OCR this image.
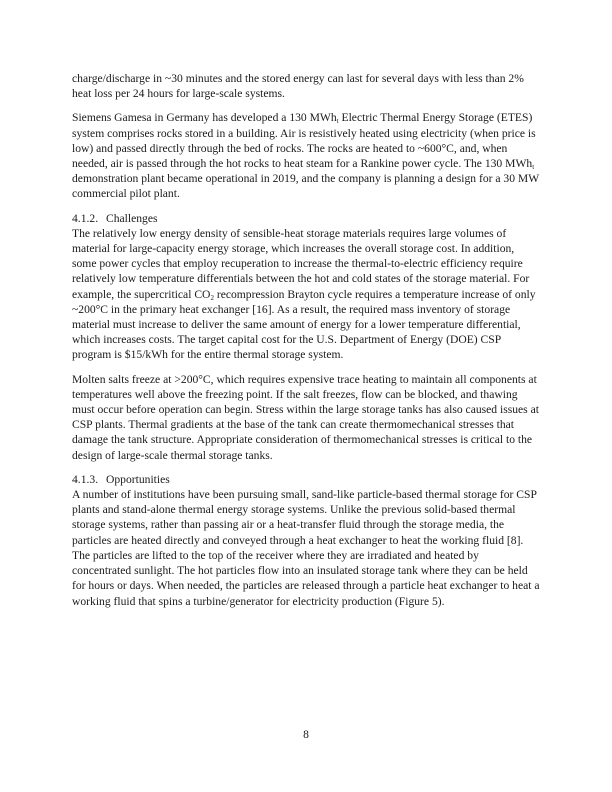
charge/discharge in ~30 minutes and the stored energy can last for several days with less than 2% heat loss per 24 hours for large-scale systems.

Siemens Gamesa in Germany has developed a 130 MWh$_t$ Electric Thermal Energy Storage (ETES) system comprises rocks stored in a building. Air is resistively heated using electricity (when price is low) and passed directly through the bed of rocks. The rocks are heated to ~600°C, and, when needed, air is passed through the hot rocks to heat steam for a Rankine power cycle. The 130 MWh$_t$ demonstration plant became operational in 2019, and the company is planning a design for a 30 MW commercial pilot plant.

4.1.2. Challenges

The relatively low energy density of sensible-heat storage materials requires large volumes of material for large-capacity energy storage, which increases the overall storage cost. In addition, some power cycles that employ recuperation to increase the thermal-to-electric efficiency require relatively low temperature differentials between the hot and cold states of the storage material. For example, the supercritical $CO_2$ recompression Brayton cycle requires a temperature increase of only ~200°C in the primary heat exchanger [16]. As a result, the required mass inventory of storage material must increase to deliver the same amount of energy for a lower temperature differential, which increases costs. The target capital cost for the U.S. Department of Energy (DOE) CSP program is $15/kWh for the entire thermal storage system.

Molten salts freeze at >200°C, which requires expensive trace heating to maintain all components at temperatures well above the freezing point. If the salt freezes, flow can be blocked, and thawing must occur before operation can begin. Stress within the large storage tanks has also caused issues at CSP plants. Thermal gradients at the base of the tank can create thermomechanical stresses that damage the tank structure. Appropriate consideration of thermomechanical stresses is critical to the design of large-scale thermal storage tanks.

4.1.3. Opportunities

A number of institutions have been pursuing small, sand-like particle-based thermal storage for CSP plants and stand-alone thermal energy storage systems. Unlike the previous solid-based thermal storage systems, rather than passing air or a heat-transfer fluid through the storage media, the particles are heated directly and conveyed through a heat exchanger to heat the working fluid [8]. The particles are lifted to the top of the receiver where they are irradiated and heated by concentrated sunlight. The hot particles flow into an insulated storage tank where they can be held for hours or days. When needed, the particles are released through a particle heat exchanger to heat a working fluid that spins a turbine/generator for electricity production (Figure 5).

8
